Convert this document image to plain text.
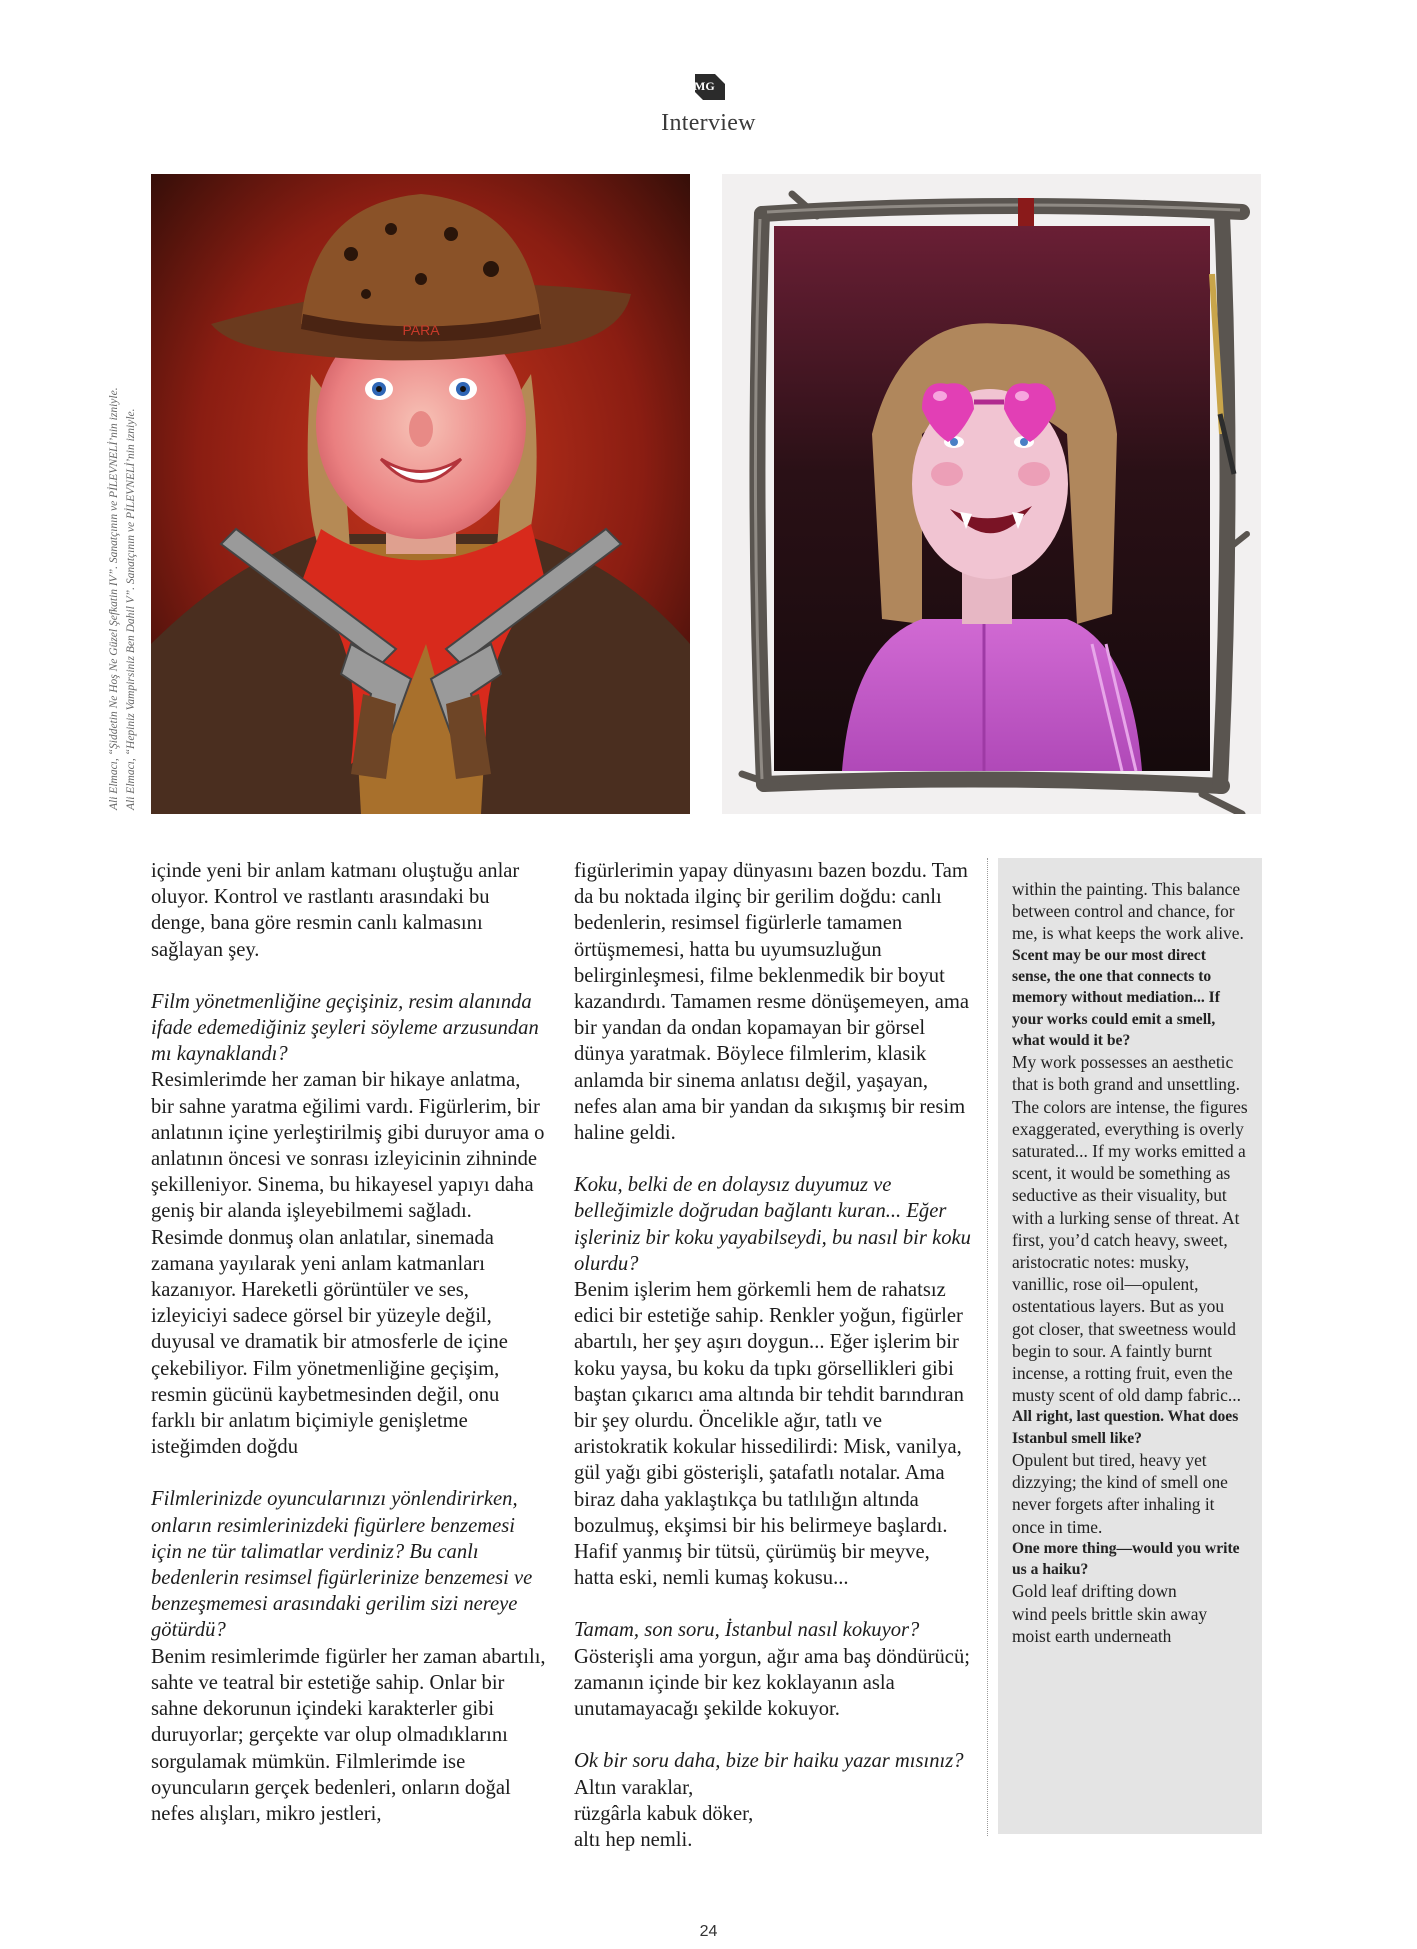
MG
Interview
Ali Elmacı, “Şiddetin Ne Hoş Ne Güzel Şefkatin IV”. Sanatçının ve PİLEVNELİ’nin izniyle. Ali Elmacı, “Hepiniz Vampirsiniz Ben Dahil V”. Sanatçının ve PİLEVNELİ’nin izniyle.
PARA

içinde yeni bir anlam katmanı oluştuğu anlar oluyor. Kontrol ve rastlantı arasındaki bu denge, bana göre resmin canlı kalmasını sağlayan şey.

Film yönetmenliğine geçişiniz, resim alanında ifade edemediğiniz şeyleri söyleme arzusundan mı kaynaklandı?

Resimlerimde her zaman bir hikaye anlatma, bir sahne yaratma eğilimi vardı. Figürlerim, bir anlatının içine yerleştirilmiş gibi duruyor ama o anlatının öncesi ve sonrası izleyicinin zihninde şekilleniyor. Sinema, bu hikayesel yapıyı daha geniş bir alanda işleyebilmemi sağladı. Resimde donmuş olan anlatılar, sinemada zamana yayılarak yeni anlam katmanları kazanıyor. Hareketli görüntüler ve ses, izleyiciyi sadece görsel bir yüzeyle değil, duyusal ve dramatik bir atmosferle de içine çekebiliyor. Film yönetmenliğine geçişim, resmin gücünü kaybetmesinden değil, onu farklı bir anlatım biçimiyle genişletme isteğimden doğdu

Filmlerinizde oyuncularınızı yönlendirirken, onların resimlerinizdeki figürlere benzemesi için ne tür talimatlar verdiniz? Bu canlı bedenlerin resimsel figürlerinize benzemesi ve benzeşmemesi arasındaki gerilim sizi nereye götürdü?

Benim resimlerimde figürler her zaman abartılı, sahte ve teatral bir estetiğe sahip. Onlar bir sahne dekorunun içindeki karakterler gibi duruyorlar; gerçekte var olup olmadıklarını sorgulamak mümkün. Filmlerimde ise oyuncuların gerçek bedenleri, onların doğal nefes alışları, mikro jestleri,

figürlerimin yapay dünyasını bazen bozdu. Tam da bu noktada ilginç bir gerilim doğdu: canlı bedenlerin, resimsel figürlerle tamamen örtüşmemesi, hatta bu uyumsuzluğun belirginleşmesi, filme beklenmedik bir boyut kazandırdı. Tamamen resme dönüşemeyen, ama bir yandan da ondan kopamayan bir görsel dünya yaratmak. Böylece filmlerim, klasik anlamda bir sinema anlatısı değil, yaşayan, nefes alan ama bir yandan da sıkışmış bir resim haline geldi.

Koku, belki de en dolaysız duyumuz ve belleğimizle doğrudan bağlantı kuran... Eğer işleriniz bir koku yayabilseydi, bu nasıl bir koku olurdu?

Benim işlerim hem görkemli hem de rahatsız edici bir estetiğe sahip. Renkler yoğun, figürler abartılı, her şey aşırı doygun... Eğer işlerim bir koku yaysa, bu koku da tıpkı görsellikleri gibi baştan çıkarıcı ama altında bir tehdit barındıran bir şey olurdu. Öncelikle ağır, tatlı ve aristokratik kokular hissedilirdi: Misk, vanilya, gül yağı gibi gösterişli, şatafatlı notalar. Ama biraz daha yaklaştıkça bu tatlılığın altında bozulmuş, ekşimsi bir his belirmeye başlardı. Hafif yanmış bir tütsü, çürümüş bir meyve, hatta eski, nemli kumaş kokusu...

Tamam, son soru, İstanbul nasıl kokuyor?

Gösterişli ama yorgun, ağır ama baş döndürücü; zamanın içinde bir kez koklayanın asla unutamayacağı şekilde kokuyor.

Ok bir soru daha, bize bir haiku yazar mısınız?

Altın varaklar,

rüzgârla kabuk döker,

altı hep nemli.

within the painting. This balance between control and chance, for me, is what keeps the work alive.

Scent may be our most direct sense, the one that connects to memory without mediation... If your works could emit a smell, what would it be?

My work possesses an aesthetic that is both grand and unsettling. The colors are intense, the figures exaggerated, everything is overly saturated... If my works emitted a scent, it would be something as seductive as their visuality, but with a lurking sense of threat. At first, you’d catch heavy, sweet, aristocratic notes: musky, vanillic, rose oil—opulent, ostentatious layers. But as you got closer, that sweetness would begin to sour. A faintly burnt incense, a rotting fruit, even the musty scent of old damp fabric...

All right, last question. What does Istanbul smell like?

Opulent but tired, heavy yet dizzying; the kind of smell one never forgets after inhaling it once in time.

One more thing—would you write us a haiku?

Gold leaf drifting down

wind peels brittle skin away

moist earth underneath

24
